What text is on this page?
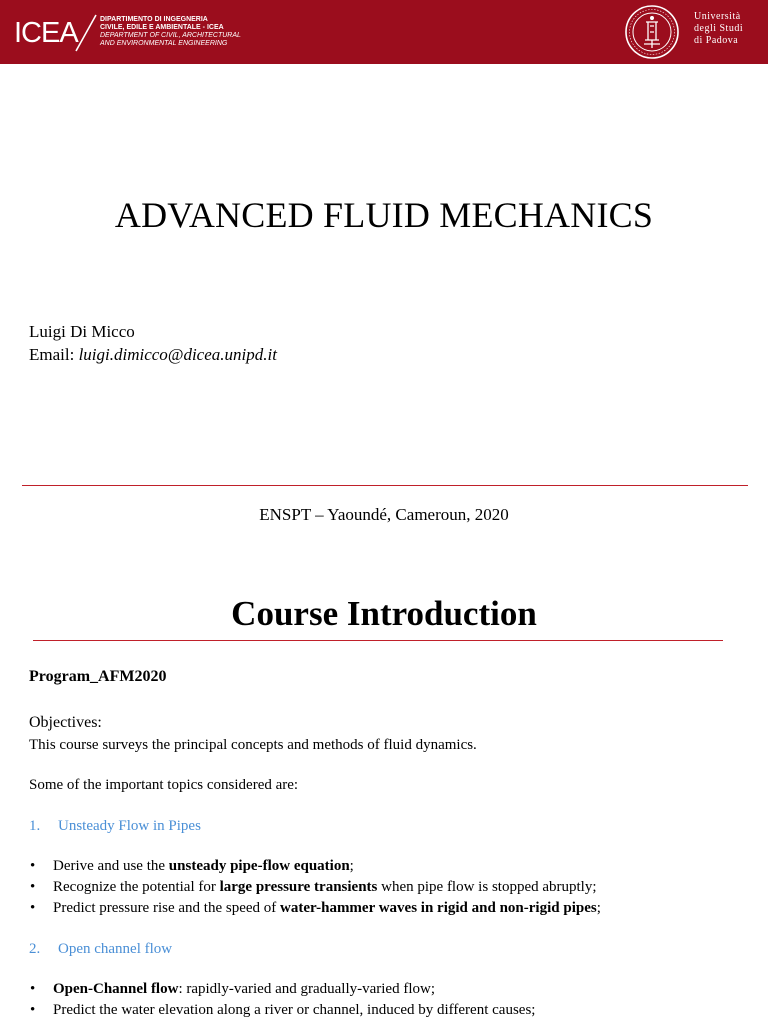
ICEA	DIPARTIMENTO DI INGEGNERIA
CIVILE, EDILE E AMBIENTALE - ICEA
DEPARTMENT OF CIVIL, ARCHITECTURAL
AND ENVIRONMENTAL ENGINEERING
Università
degli Studi
di Padova
ADVANCED FLUID MECHANICS
Luigi Di Micco
Email: luigi.dimicco@dicea.unipd.it
ENSPT – Yaoundé, Cameroun, 2020
Course Introduction
Program_AFM2020
Objectives:
This course surveys the principal concepts and methods of fluid dynamics.
Some of the important topics considered are:
1. Unsteady Flow in Pipes
• Derive and use the unsteady pipe-flow equation;
• Recognize the potential for large pressure transients when pipe flow is stopped abruptly;
• Predict pressure rise and the speed of water-hammer waves in rigid and non-rigid pipes;
2. Open channel flow
• Open-Channel flow: rapidly-varied and gradually-varied flow;
• Predict the water elevation along a river or channel, induced by different causes;
